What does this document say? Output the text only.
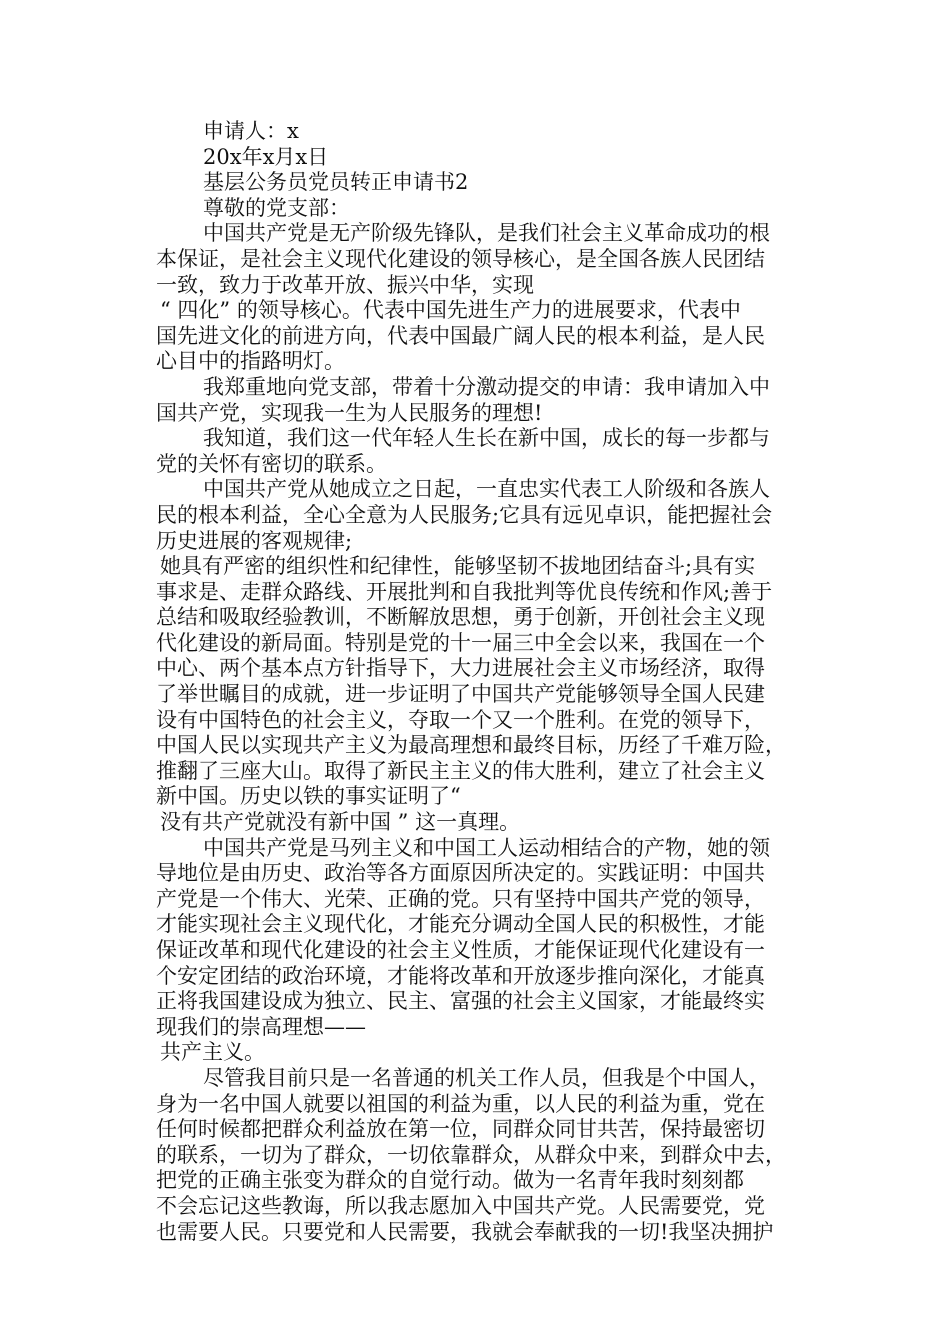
申请人：x
20x年x月x日
基层公务员党员转正申请书2
尊敬的党支部：
中国共产党是无产阶级先锋队，是我们社会主义革命成功的根
本保证，是社会主义现代化建设的领导核心，是全国各族人民团结
一致，致力于改革开放、振兴中华，实现
“ 四化” 的领导核心。代表中国先进生产力的进展要求，代表中
国先进文化的前进方向，代表中国最广阔人民的根本利益，是人民
心目中的指路明灯。
我郑重地向党支部，带着十分激动提交的申请：我申请加入中
国共产党，实现我一生为人民服务的理想!
我知道，我们这一代年轻人生长在新中国，成长的每一步都与
党的关怀有密切的联系。
中国共产党从她成立之日起，一直忠实代表工人阶级和各族人
民的根本利益，全心全意为人民服务;它具有远见卓识，能把握社会
历史进展的客观规律;
她具有严密的组织性和纪律性，能够坚韧不拔地团结奋斗;具有实
事求是、走群众路线、开展批判和自我批判等优良传统和作风;善于
总结和吸取经验教训，不断解放思想，勇于创新，开创社会主义现
代化建设的新局面。特别是党的十一届三中全会以来，我国在一个
中心、两个基本点方针指导下，大力进展社会主义市场经济，取得
了举世瞩目的成就，进一步证明了中国共产党能够领导全国人民建
设有中国特色的社会主义，夺取一个又一个胜利。在党的领导下，
中国人民以实现共产主义为最高理想和最终目标，历经了千难万险，
推翻了三座大山。取得了新民主主义的伟大胜利，建立了社会主义
新中国。历史以铁的事实证明了“
没有共产党就没有新中国 ” 这一真理。
中国共产党是马列主义和中国工人运动相结合的产物，她的领
导地位是由历史、政治等各方面原因所决定的。实践证明：中国共
产党是一个伟大、光荣、正确的党。只有坚持中国共产党的领导，
才能实现社会主义现代化，才能充分调动全国人民的积极性，才能
保证改革和现代化建设的社会主义性质，才能保证现代化建设有一
个安定团结的政治环境，才能将改革和开放逐步推向深化，才能真
正将我国建设成为独立、民主、富强的社会主义国家，才能最终实
现我们的崇高理想——
共产主义。
尽管我目前只是一名普通的机关工作人员，但我是个中国人，
身为一名中国人就要以祖国的利益为重，以人民的利益为重，党在
任何时候都把群众利益放在第一位，同群众同甘共苦，保持最密切
的联系，一切为了群众，一切依靠群众，从群众中来，到群众中去，
把党的正确主张变为群众的自觉行动。做为一名青年我时刻刻都
不会忘记这些教诲，所以我志愿加入中国共产党。人民需要党，党
也需要人民。只要党和人民需要，我就会奉献我的一切!我坚决拥护
